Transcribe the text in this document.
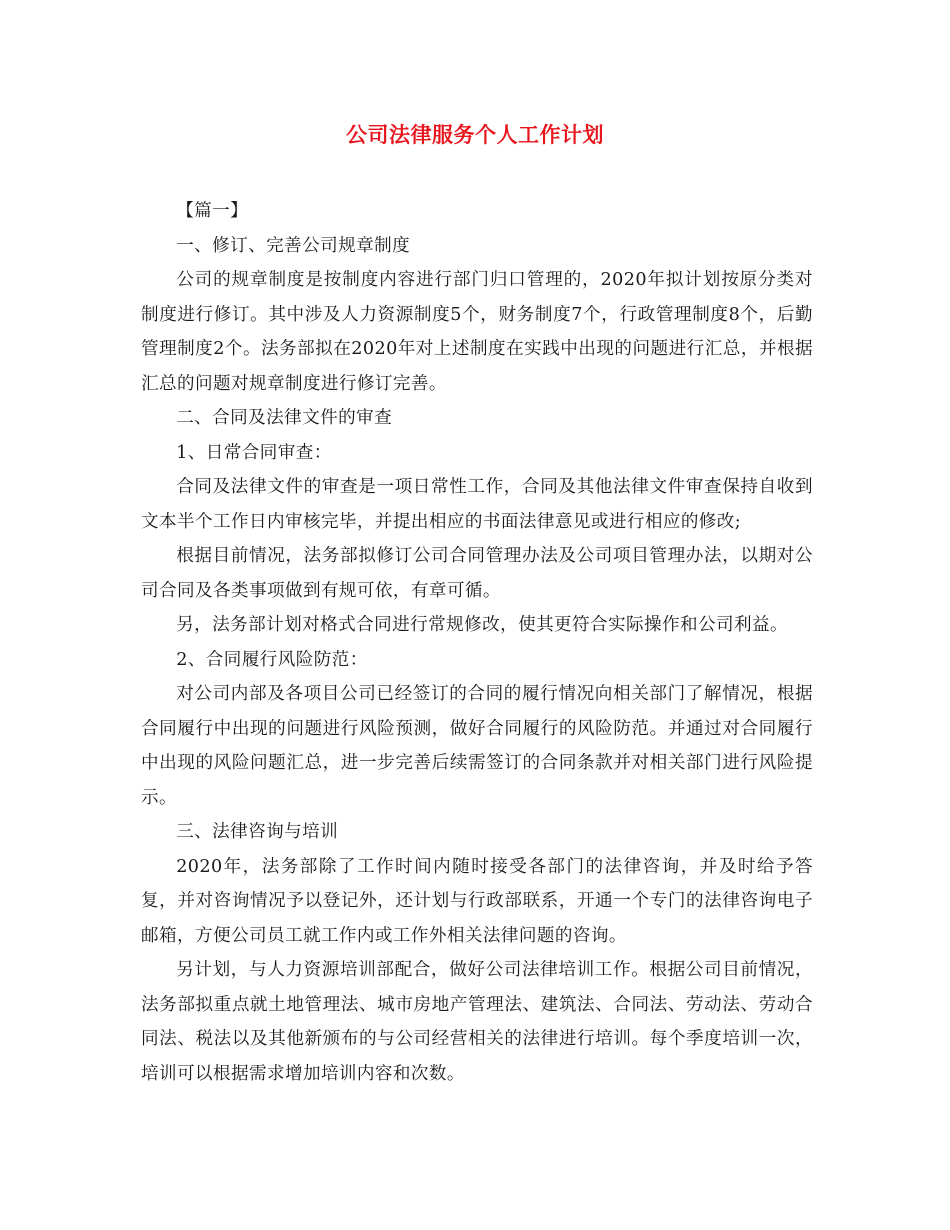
公司法律服务个人工作计划

【篇一】

一、修订、完善公司规章制度

公司的规章制度是按制度内容进行部门归口管理的，2020年拟计划按原分类对制度进行修订。其中涉及人力资源制度5个，财务制度7个，行政管理制度8个，后勤管理制度2个。法务部拟在2020年对上述制度在实践中出现的问题进行汇总，并根据汇总的问题对规章制度进行修订完善。

二、合同及法律文件的审查

1、日常合同审查：

合同及法律文件的审查是一项日常性工作，合同及其他法律文件审查保持自收到文本半个工作日内审核完毕，并提出相应的书面法律意见或进行相应的修改;

根据目前情况，法务部拟修订公司合同管理办法及公司项目管理办法，以期对公司合同及各类事项做到有规可依，有章可循。

另，法务部计划对格式合同进行常规修改，使其更符合实际操作和公司利益。

2、合同履行风险防范：

对公司内部及各项目公司已经签订的合同的履行情况向相关部门了解情况，根据合同履行中出现的问题进行风险预测，做好合同履行的风险防范。并通过对合同履行中出现的风险问题汇总，进一步完善后续需签订的合同条款并对相关部门进行风险提示。

三、法律咨询与培训

2020年，法务部除了工作时间内随时接受各部门的法律咨询，并及时给予答复，并对咨询情况予以登记外，还计划与行政部联系，开通一个专门的法律咨询电子邮箱，方便公司员工就工作内或工作外相关法律问题的咨询。

另计划，与人力资源培训部配合，做好公司法律培训工作。根据公司目前情况，法务部拟重点就土地管理法、城市房地产管理法、建筑法、合同法、劳动法、劳动合同法、税法以及其他新颁布的与公司经营相关的法律进行培训。每个季度培训一次，培训可以根据需求增加培训内容和次数。
